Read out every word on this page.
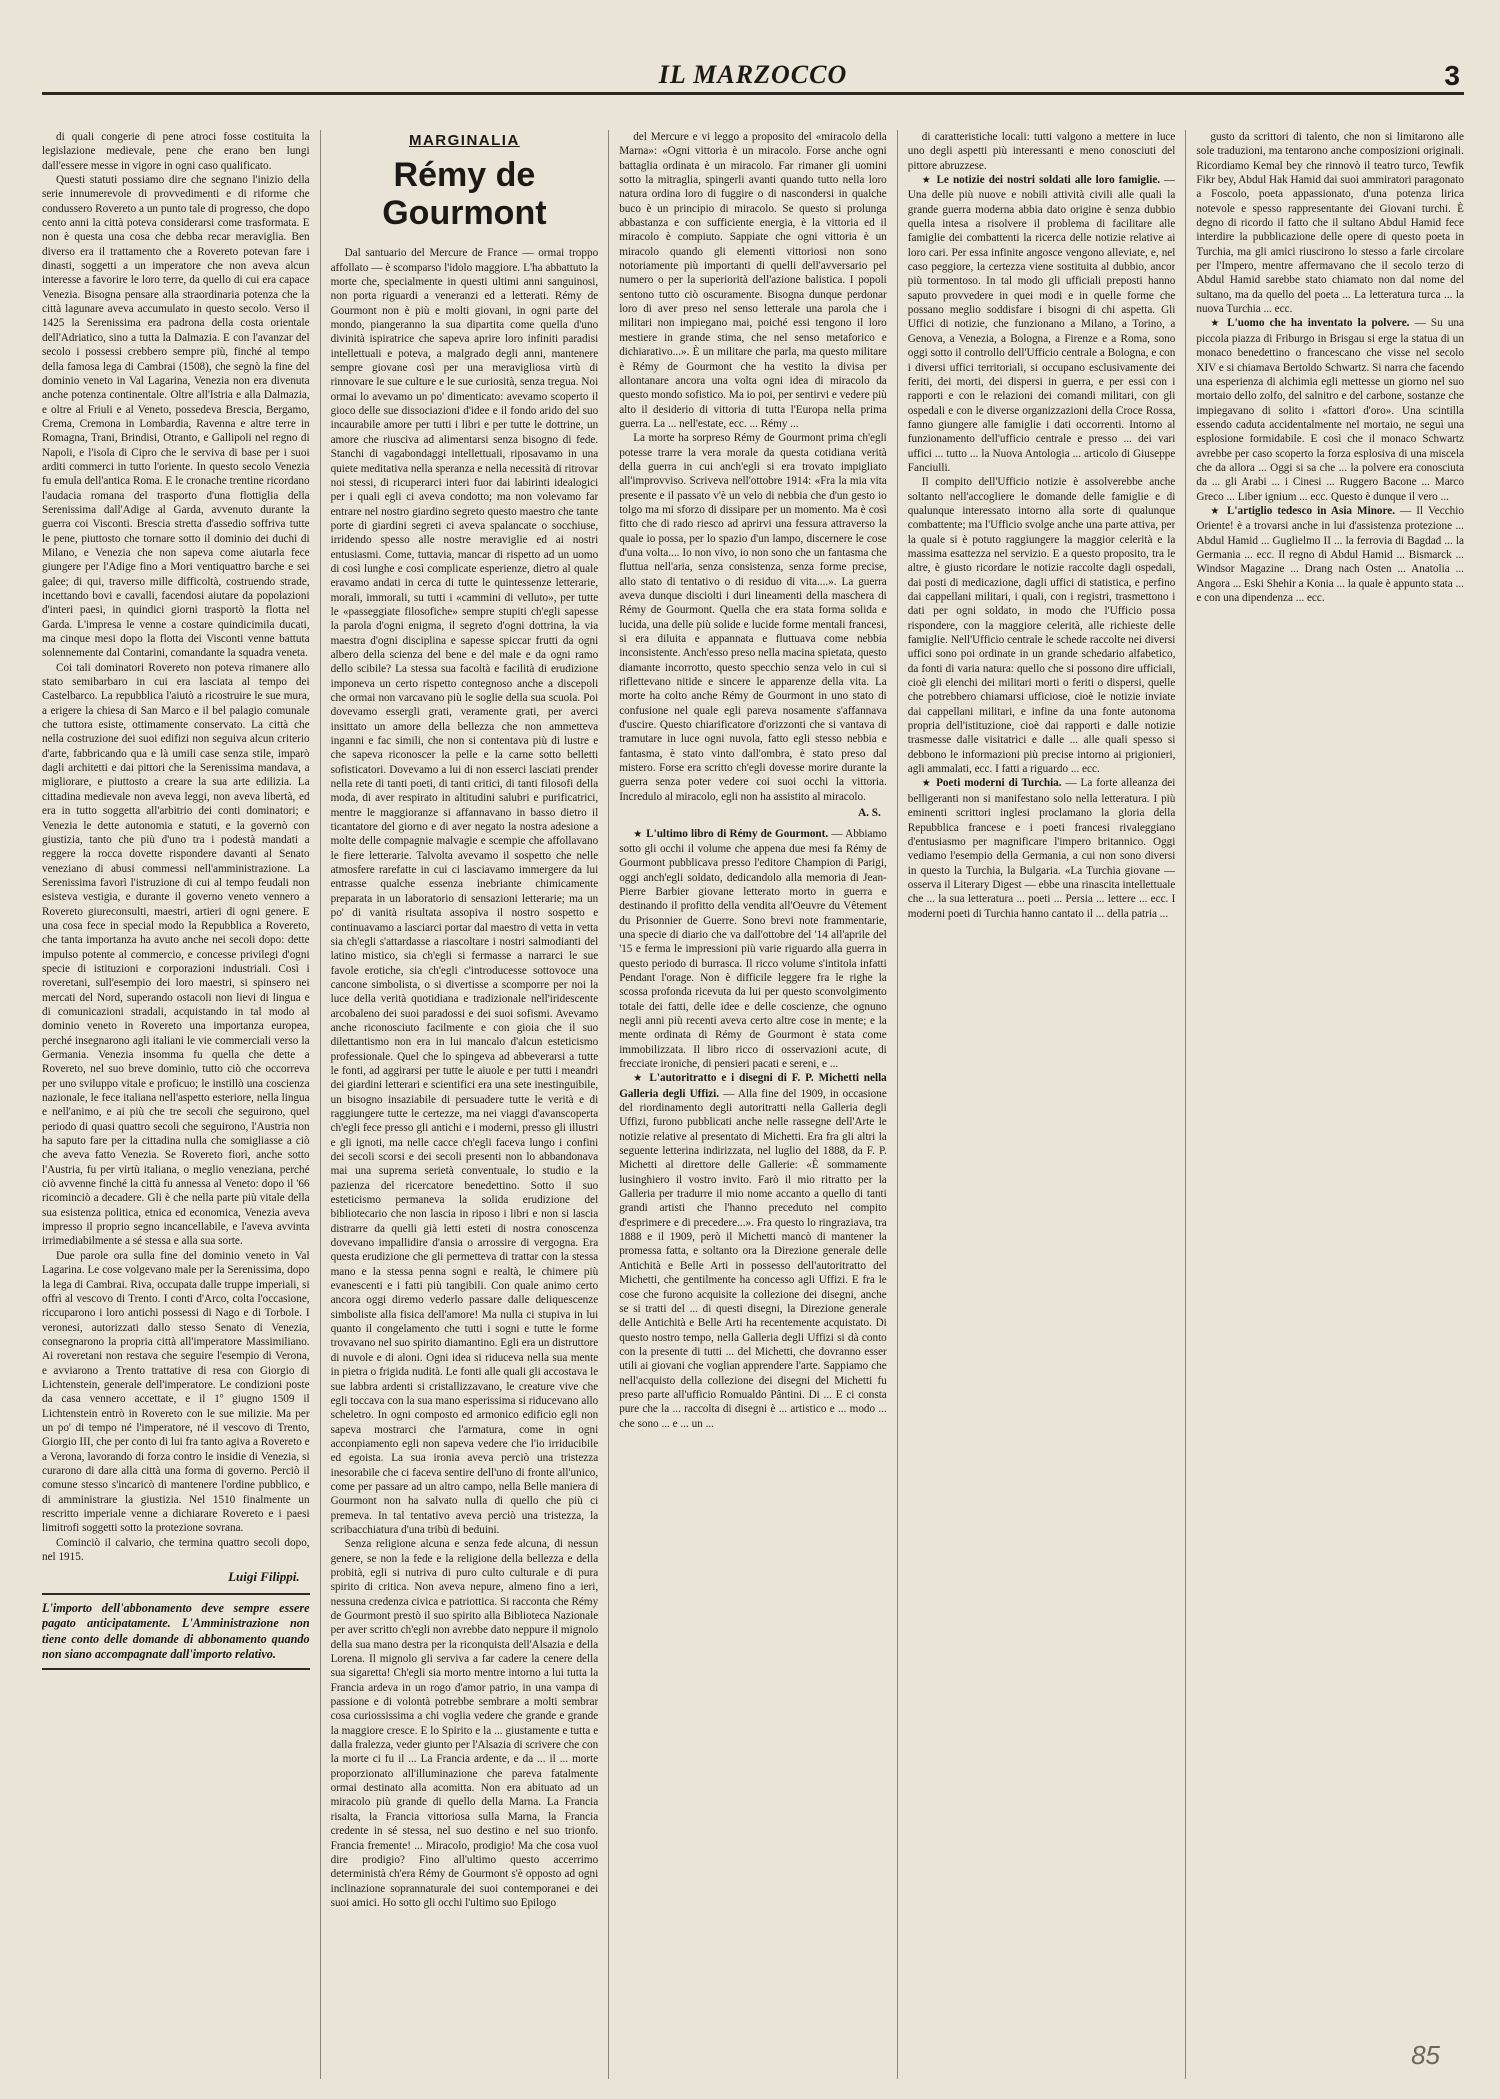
IL MARZOCCO	3

di quali congerie di pene atroci fosse costituita la legislazione medievale, pene che erano ben lungi dall'essere messe in vigore in ogni caso qualificato.

Questi statuti possiamo dire che segnano l'inizio della serie innumerevole di provvedimenti e di riforme che condussero Rovereto a un punto tale di progresso, che dopo cento anni la città poteva considerarsi come trasformata. E non è questa una cosa che debba recar meraviglia. Ben diverso era il trattamento che a Rovereto potevan fare i dinasti, soggetti a un imperatore che non aveva alcun interesse a favorire le loro terre, da quello di cui era capace Venezia. Bisogna pensare alla straordinaria potenza che la città lagunare aveva accumulato in questo secolo. Verso il 1425 la Serenissima era padrona della costa orientale dell'Adriatico, sino a tutta la Dalmazia. E con l'avanzar del secolo i possessi crebbero sempre più, finché al tempo della famosa lega di Cambrai (1508), che segnò la fine del dominio veneto in Val Lagarina, Venezia non era divenuta anche potenza continentale. Oltre all'Istria e alla Dalmazia, e oltre al Friuli e al Veneto, possedeva Brescia, Bergamo, Crema, Cremona in Lombardia, Ravenna e altre terre in Romagna, Trani, Brindisi, Otranto, e Gallipoli nel regno di Napoli, e l'isola di Cipro che le serviva di base per i suoi arditi commerci in tutto l'oriente. In questo secolo Venezia fu emula dell'antica Roma. E le cronache trentine ricordano l'audacia romana del trasporto d'una flottiglia della Serenissima dall'Adige al Garda, avvenuto durante la guerra coi Visconti. Brescia stretta d'assedio soffriva tutte le pene, piuttosto che tornare sotto il dominio dei duchi di Milano, e Venezia che non sapeva come aiutarla fece giungere per l'Adige fino a Mori ventiquattro barche e sei galee; di qui, traverso mille difficoltà, costruendo strade, incettando bovi e cavalli, facendosi aiutare da popolazioni d'interi paesi, in quindici giorni trasportò la flotta nel Garda. L'impresa le venne a costare quindicimila ducati, ma cinque mesi dopo la flotta dei Visconti venne battuta solennemente dal Contarini, comandante la squadra veneta.

Coi tali dominatori Rovereto non poteva rimanere allo stato semibarbaro in cui era lasciata al tempo dei Castelbarco. La repubblica l'aiutò a ricostruire le sue mura, a erigere la chiesa di San Marco e il bel palagio comunale che tuttora esiste, ottimamente conservato. La città che nella costruzione dei suoi edifizi non seguiva alcun criterio d'arte, fabbricando qua e là umili case senza stile, imparò dagli architetti e dai pittori che la Serenissima mandava, a migliorare, e piuttosto a creare la sua arte edilizia. La cittadina medievale non aveva leggi, non aveva libertà, ed era in tutto soggetta all'arbitrio dei conti dominatori; e Venezia le dette autonomia e statuti, e la governò con giustizia, tanto che più d'uno tra i podestà mandati a reggere la rocca dovette rispondere davanti al Senato veneziano di abusi commessi nell'amministrazione. La Serenissima favorì l'istruzione di cui al tempo feudali non esisteva vestigia, e durante il governo veneto vennero a Rovereto giureconsulti, maestri, artieri di ogni genere. E una cosa fece in special modo la Repubblica a Rovereto, che tanta importanza ha avuto anche nei secoli dopo: dette impulso potente al commercio, e concesse privilegi d'ogni specie di istituzioni e corporazioni industriali. Così i roveretani, sull'esempio dei loro maestri, si spinsero nei mercati del Nord, superando ostacoli non lievi di lingua e di comunicazioni stradali, acquistando in tal modo al dominio veneto in Rovereto una importanza europea, perché insegnarono agli italiani le vie commerciali verso la Germania. Venezia insomma fu quella che dette a Rovereto, nel suo breve dominio, tutto ciò che occorreva per uno sviluppo vitale e proficuo; le instillò una coscienza nazionale, le fece italiana nell'aspetto esteriore, nella lingua e nell'animo, e ai più che tre secoli che seguirono, quel periodo di quasi quattro secoli che seguirono, l'Austria non ha saputo fare per la cittadina nulla che somigliasse a ciò che aveva fatto Venezia. Se Rovereto fiorì, anche sotto l'Austria, fu per virtù italiana, o meglio veneziana, perché ciò avvenne finché la città fu annessa al Veneto: dopo il '66 ricominciò a decadere. Gli è che nella parte più vitale della sua esistenza politica, etnica ed economica, Venezia aveva impresso il proprio segno incancellabile, e l'aveva avvinta irrimediabilmente a sé stessa e alla sua sorte.

Due parole ora sulla fine del dominio veneto in Val Lagarina. Le cose volgevano male per la Serenissima, dopo la lega di Cambrai. Riva, occupata dalle truppe imperiali, si offrì al vescovo di Trento. I conti d'Arco, colta l'occasione, riccuparono i loro antichi possessi di Nago e di Torbole. I veronesi, autorizzati dallo stesso Senato di Venezia, consegnarono la propria città all'imperatore Massimiliano. Ai roveretani non restava che seguire l'esempio di Verona, e avviarono a Trento trattative di resa con Giorgio di Lichtenstein, generale dell'imperatore. Le condizioni poste da casa vennero accettate, e il 1º giugno 1509 il Lichtenstein entrò in Rovereto con le sue milizie. Ma per un po' di tempo né l'imperatore, né il vescovo di Trento, Giorgio III, che per conto di lui fra tanto agiva a Rovereto e a Verona, lavorando di forza contro le insidie di Venezia, si curarono di dare alla città una forma di governo. Perciò il comune stesso s'incaricò di mantenere l'ordine pubblico, e di amministrare la giustizia. Nel 1510 finalmente un rescritto imperiale venne a dichiarare Rovereto e i paesi limitrofi soggetti sotto la protezione sovrana.

Cominciò il calvario, che termina quattro secoli dopo, nel 1915.

Luigi Filippi.
L'importo dell'abbonamento deve sempre essere pagato anticipatamente. L'Amministrazione non tiene conto delle domande di abbonamento quando non siano accompagnate dall'importo relativo.
MARGINALIA
Rémy de Gourmont

Dal santuario del Mercure de France — ormai troppo affollato — è scomparso l'idolo maggiore. L'ha abbattuto la morte che, specialmente in questi ultimi anni sanguinosi, non porta riguardi a veneranzi ed a letterati. Rémy de Gourmont non è più e molti giovani, in ogni parte del mondo, piangeranno la sua dipartita come quella d'uno divinità ispiratrice che sapeva aprire loro infiniti paradisi intellettuali e poteva, a malgrado degli anni, mantenere sempre giovane così per una meravigliosa virtù di rinnovare le sue culture e le sue curiosità, senza tregua. Noi ormai lo avevamo un po' dimenticato: avevamo scoperto il gioco delle sue dissociazioni d'idee e il fondo arido del suo incaurabile amore per tutti i libri e per tutte le dottrine, un amore che riusciva ad alimentarsi senza bisogno di fede. Stanchi di vagabondaggi intellettuali, riposavamo in una quiete meditativa nella speranza e nella necessità di ritrovar noi stessi, di ricuperarci interi fuor dai labirinti idealogici per i quali egli ci aveva condotto; ma non volevamo far entrare nel nostro giardino segreto questo maestro che tante porte di giardini segreti ci aveva spalancate o socchiuse, irridendo spesso alle nostre meraviglie ed ai nostri entusiasmi. Come, tuttavia, mancar di rispetto ad un uomo di così lunghe e così complicate esperienze, dietro al quale eravamo andati in cerca di tutte le quintessenze letterarie, morali, immorali, su tutti i «cammini di velluto», per tutte le «passeggiate filosofiche» sempre stupiti ch'egli sapesse la parola d'ogni enigma, il segreto d'ogni dottrina, la via maestra d'ogni disciplina e sapesse spiccar frutti da ogni albero della scienza del bene e del male e da ogni ramo dello scibile? La stessa sua facoltà e facilità di erudizione imponeva un certo rispetto contegnoso anche a discepoli che ormai non varcavano più le soglie della sua scuola. Poi dovevamo essergli grati, veramente grati, per averci insittato un amore della bellezza che non ammetteva inganni e fac simili, che non si contentava più di lustre e che sapeva riconoscer la pelle e la carne sotto belletti sofisticatori. Dovevamo a lui di non esserci lasciati prender nella rete di tanti poeti, di tanti critici, di tanti filosofi della moda, di aver respirato in altitudini salubri e purificatrici, mentre le maggioranze si affannavano in basso dietro il ticantatore del giorno e di aver negato la nostra adesione a molte delle compagnie malvagie e scempie che affollavano le fiere letterarie. Talvolta avevamo il sospetto che nelle atmosfere rarefatte in cui ci lasciavamo immergere da lui entrasse qualche essenza inebriante chimicamente preparata in un laboratorio di sensazioni letterarie; ma un po' di vanità risultata assopiva il nostro sospetto e continuavamo a lasciarci portar dal maestro di vetta in vetta sia ch'egli s'attardasse a riascoltare i nostri salmodianti del latino mistico, sia ch'egli si fermasse a narrarci le sue favole erotiche, sia ch'egli c'introducesse sottovoce una cancone simbolista, o si divertisse a scomporre per noi la luce della verità quotidiana e tradizionale nell'iridescente arcobaleno dei suoi paradossi e dei suoi sofismi. Avevamo anche riconosciuto facilmente e con gioia che il suo dilettantismo non era in lui mancalo d'alcun esteticismo professionale. Quel che lo spingeva ad abbeverarsi a tutte le fonti, ad aggirarsi per tutte le aiuole e per tutti i meandri dei giardini letterari e scientifici era una sete inestinguibile, un bisogno insaziabile di persuadere tutte le verità e di raggiungere tutte le certezze, ma nei viaggi d'avanscoperta ch'egli fece presso gli antichi e i moderni, presso gli illustri e gli ignoti, ma nelle cacce ch'egli faceva lungo i confini dei secoli scorsi e dei secoli presenti non lo abbandonava mai una suprema serietà conventuale, lo studio e la pazienza del ricercatore benedettino. Sotto il suo esteticismo permaneva la solida erudizione del bibliotecario che non lascia in riposo i libri e non si lascia distrarre da quelli già letti esteti di nostra conoscenza dovevano impallidire d'ansia o arrossire di vergogna. Era questa erudizione che gli permetteva di trattar con la stessa mano e la stessa penna sogni e realtà, le chimere più evanescenti e i fatti più tangibili. Con quale animo certo ancora oggi diremo vederlo passare dalle deliquescenze simboliste alla fisica dell'amore! Ma nulla ci stupiva in lui quanto il congelamento che tutti i sogni e tutte le forme trovavano nel suo spirito diamantino. Egli era un distruttore di nuvole e di aloni. Ogni idea si riduceva nella sua mente in pietra o frigida nudità. Le fonti alle quali gli accostava le sue labbra ardenti si cristallizzavano, le creature vive che egli toccava con la sua mano esperissima si riducevano allo scheletro. In ogni composto ed armonico edificio egli non sapeva mostrarci che l'armatura, come in ogni acconpiamento egli non sapeva vedere che l'io irriducibile ed egoista. La sua ironia aveva perciò una tristezza inesorabile che ci faceva sentire dell'uno di fronte all'unico, come per passare ad un altro campo, nella Belle maniera di Gourmont non ha salvato nulla di quello che più ci premeva. In tal tentativo aveva perciò una tristezza, la scribacchiatura d'una tribù di beduini.

Senza religione alcuna e senza fede alcuna, di nessun genere, se non la fede e la religione della bellezza e della probità, egli si nutriva di puro culto culturale e di pura spirito di critica. Non aveva nepure, almeno fino a ieri, nessuna credenza civica e patriottica. Si racconta che Rémy de Gourmont prestò il suo spirito alla Biblioteca Nazionale per aver scritto ch'egli non avrebbe dato neppure il mignolo della sua mano destra per la riconquista dell'Alsazia e della Lorena. Il mignolo gli serviva a far cadere la cenere della sua sigaretta! Ch'egli sia morto mentre intorno a lui tutta la Francia ardeva in un rogo d'amor patrio, in una vampa di passione e di volontà potrebbe sembrare a molti sembrar cosa curiossissima a chi voglia vedere che grande e grande la maggiore cresce. E lo Spirito e la ... giustamente e tutta e dalla fralezza, veder giunto per l'Alsazia di scrivere che con la morte ci fu il ... La Francia ardente, e da ... il ... morte proporzionato all'illuminazione che pareva fatalmente ormai destinato alla acomitta. Non era abituato ad un miracolo più grande di quello della Marna. La Francia risalta, la Francia vittoriosa sulla Marna, la Francia credente in sé stessa, nel suo destino e nel suo trionfo. Francia fremente! ... Miracolo, prodigio! Ma che cosa vuol dire prodigio? Fino all'ultimo questo accerrimo deterministà ch'era Rémy de Gourmont s'è opposto ad ogni inclinazione soprannaturale dei suoi contemporanei e dei suoi amici. Ho sotto gli occhi l'ultimo suo Epilogo

del Mercure e vi leggo a proposito del «miracolo della Marna»: «Ogni vittoria è un miracolo. Forse anche ogni battaglia ordinata è un miracolo. Far rimaner gli uomini sotto la mitraglia, spingerli avanti quando tutto nella loro natura ordina loro di fuggire o di nascondersi in qualche buco è un principio di miracolo. Se questo si prolunga abbastanza e con sufficiente energia, è la vittoria ed il miracolo è compiuto. Sappiate che ogni vittoria è un miracolo quando gli elementi vittoriosi non sono notoriamente più importanti di quelli dell'avversario pel numero o per la superiorità dell'azione balistica. I popoli sentono tutto ciò oscuramente. Bisogna dunque perdonar loro di aver preso nel senso letterale una parola che i militari non impiegano mai, poiché essi tengono il loro mestiere in grande stima, che nel senso metaforico e dichiarativo...». È un militare che parla, ma questo militare è Rémy de Gourmont che ha vestito la divisa per allontanare ancora una volta ogni idea di miracolo da questo mondo sofistico. Ma io poi, per sentirvi e vedere più alto il desiderio di vittoria di tutta l'Europa nella prima guerra. La ... nell'estate, ecc. ... Rémy ...

La morte ha sorpreso Rémy de Gourmont prima ch'egli potesse trarre la vera morale da questa cotidiana verità della guerra in cui anch'egli si era trovato impigliato all'improvviso. Scriveva nell'ottobre 1914: «Fra la mia vita presente e il passato v'è un velo di nebbia che d'un gesto io tolgo ma mi sforzo di dissipare per un momento. Ma è così fitto che di rado riesco ad aprirvi una fessura attraverso la quale io possa, per lo spazio d'un lampo, discernere le cose d'una volta.... Io non vivo, io non sono che un fantasma che fluttua nell'aria, senza consistenza, senza forme precise, allo stato di tentativo o di residuo di vita....». La guerra aveva dunque disciolti i duri lineamenti della maschera di Rémy de Gourmont. Quella che era stata forma solida e lucida, una delle più solide e lucide forme mentali francesi, si era diluita e appannata e fluttuava come nebbia inconsistente. Anch'esso preso nella macina spietata, questo diamante incorrotto, questo specchio senza velo in cui si riflettevano nitide e sincere le apparenze della vita. La morte ha colto anche Rémy de Gourmont in uno stato di confusione nel quale egli pareva nosamente s'affannava d'uscire. Questo chiarificatore d'orizzonti che si vantava di tramutare in luce ogni nuvola, fatto egli stesso nebbia e fantasma, è stato vinto dall'ombra, è stato preso dal mistero. Forse era scritto ch'egli dovesse morire durante la guerra senza poter vedere coi suoi occhi la vittoria. Incredulo al miracolo, egli non ha assistito al miracolo.

A. S.

★ L'ultimo libro di Rémy de Gourmont. — Abbiamo sotto gli occhi il volume che appena due mesi fa Rémy de Gourmont pubblicava presso l'editore Champion di Parigi, oggi anch'egli soldato, dedicandolo alla memoria di Jean-Pierre Barbier giovane letterato morto in guerra e destinando il profitto della vendita all'Oeuvre du Vêtement du Prisonnier de Guerre. Sono brevi note frammentarie, una specie di diario che va dall'ottobre del '14 all'aprile del '15 e ferma le impressioni più varie riguardo alla guerra in questo periodo di burrasca. Il ricco volume s'intitola infatti Pendant l'orage. Non è difficile leggere fra le righe la scossa profonda ricevuta da lui per questo sconvolgimento totale dei fatti, delle idee e delle coscienze, che ognuno negli anni più recenti aveva certo altre cose in mente; e la mente ordinata di Rémy de Gourmont è stata come immobilizzata. Il libro ricco di osservazioni acute, di frecciate ironiche, di pensieri pacati e sereni, e ...

★ L'autoritratto e i disegni di F. P. Michetti nella Galleria degli Uffizi. — Alla fine del 1909, in occasione del riordinamento degli autoritratti nella Galleria degli Uffizi, furono pubblicati anche nelle rassegne dell'Arte le notizie relative al presentato di Michetti. Era fra gli altri la seguente letterina indirizzata, nel luglio del 1888, da F. P. Michetti al direttore delle Gallerie: «È sommamente lusinghiero il vostro invito. Farò il mio ritratto per la Galleria per tradurre il mio nome accanto a quello di tanti grandi artisti che l'hanno preceduto nel compito d'esprimere e di precedere...». Fra questo lo ringraziava, tra 1888 e il 1909, però il Michetti mancò di mantener la promessa fatta, e soltanto ora la Direzione generale delle Antichità e Belle Arti in possesso dell'autoritratto del Michetti, che gentilmente ha concesso agli Uffizi. E fra le cose che furono acquisite la collezione dei disegni, anche se si tratti del ... di questi disegni, la Direzione generale delle Antichità e Belle Arti ha recentemente acquistato. Di questo nostro tempo, nella Galleria degli Uffizi si dà conto con la presente di tutti ... del Michetti, che dovranno esser utili ai giovani che voglian apprendere l'arte. Sappiamo che nell'acquisto della collezione dei disegni del Michetti fu preso parte all'ufficio Romualdo Pântini. Di ... E ci consta pure che la ... raccolta di disegni è ... artistico e ... modo ... che sono ... e ... un ...

di caratteristiche locali: tutti valgono a mettere in luce uno degli aspetti più interessanti e meno conosciuti del pittore abruzzese.

★ Le notizie dei nostri soldati alle loro famiglie. — Una delle più nuove e nobili attività civili alle quali la grande guerra moderna abbia dato origine è senza dubbio quella intesa a risolvere il problema di facilitare alle famiglie dei combattenti la ricerca delle notizie relative ai loro cari. Per essa infinite angosce vengono alleviate, e, nel caso peggiore, la certezza viene sostituita al dubbio, ancor più tormentoso. In tal modo gli ufficiali preposti hanno saputo provvedere in quei modi e in quelle forme che possano meglio soddisfare i bisogni di chi aspetta. Gli Uffici di notizie, che funzionano a Milano, a Torino, a Genova, a Venezia, a Bologna, a Firenze e a Roma, sono oggi sotto il controllo dell'Ufficio centrale a Bologna, e con i diversi uffici territoriali, si occupano esclusivamente dei feriti, dei morti, dei dispersi in guerra, e per essi con i rapporti e con le relazioni dei comandi militari, con gli ospedali e con le diverse organizzazioni della Croce Rossa, fanno giungere alle famiglie i dati occorrenti. Intorno al funzionamento dell'ufficio centrale e presso ... dei vari uffici ... tutto ... la Nuova Antologia ... articolo di Giuseppe Fanciulli.

Il compito dell'Ufficio notizie è assolverebbe anche soltanto nell'accogliere le domande delle famiglie e di qualunque interessato intorno alla sorte di qualunque combattente; ma l'Ufficio svolge anche una parte attiva, per la quale si è potuto raggiungere la maggior celerità e la massima esattezza nel servizio. E a questo proposito, tra le altre, è giusto ricordare le notizie raccolte dagli ospedali, dai posti di medicazione, dagli uffici di statistica, e perfino dai cappellani militari, i quali, con i registri, trasmettono i dati per ogni soldato, in modo che l'Ufficio possa rispondere, con la maggiore celerità, alle richieste delle famiglie. Nell'Ufficio centrale le schede raccolte nei diversi uffici sono poi ordinate in un grande schedario alfabetico, da fonti di varia natura: quello che si possono dire ufficiali, cioè gli elenchi dei militari morti o feriti o dispersi, quelle che potrebbero chiamarsi ufficiose, cioè le notizie inviate dai cappellani militari, e infine da una fonte autonoma propria dell'istituzione, cioè dai rapporti e dalle notizie trasmesse dalle visitatrici e dalle ... alle quali spesso si debbono le informazioni più precise intorno ai prigionieri, agli ammalati, ecc. I fatti a riguardo ... ecc.

★ Poeti moderni di Turchia. — La forte alleanza dei belligeranti non si manifestano solo nella letteratura. I più eminenti scrittori inglesi proclamano la gloria della Repubblica francese e i poeti francesi rivaleggiano d'entusiasmo per magnificare l'impero britannico. Oggi vediamo l'esempio della Germania, a cui non sono diversi in questo la Turchia, la Bulgaria. «La Turchia giovane — osserva il Literary Digest — ebbe una rinascita intellettuale che ... la sua letteratura ... poeti ... Persia ... lettere ... ecc. I moderni poeti di Turchia hanno cantato il ... della patria ...

gusto da scrittori di talento, che non si limitarono alle sole traduzioni, ma tentarono anche composizioni originali. Ricordiamo Kemal bey che rinnovò il teatro turco, Tewfik Fikr bey, Abdul Hak Hamid dai suoi ammiratori paragonato a Foscolo, poeta appassionato, d'una potenza lirica notevole e spesso rappresentante dei Giovani turchi. È degno di ricordo il fatto che il sultano Abdul Hamid fece interdire la pubblicazione delle opere di questo poeta in Turchia, ma gli amici riuscirono lo stesso a farle circolare per l'Impero, mentre affermavano che il secolo terzo di Abdul Hamid sarebbe stato chiamato non dal nome del sultano, ma da quello del poeta ... La letteratura turca ... la nuova Turchia ... ecc.

★ L'uomo che ha inventato la polvere. — Su una piccola piazza di Friburgo in Brisgau si erge la statua di un monaco benedettino o francescano che visse nel secolo XIV e si chiamava Bertoldo Schwartz. Si narra che facendo una esperienza di alchimia egli mettesse un giorno nel suo mortaio dello zolfo, del salnitro e del carbone, sostanze che impiegavano di solito i «fattori d'oro». Una scintilla essendo caduta accidentalmente nel mortaio, ne seguì una esplosione formidabile. E così che il monaco Schwartz avrebbe per caso scoperto la forza esplosiva di una miscela che da allora ... Oggi si sa che ... la polvere era conosciuta da ... gli Arabi ... i Cinesi ... Ruggero Bacone ... Marco Greco ... Liber ignium ... ecc. Questo è dunque il vero ...

★ L'artiglio tedesco in Asia Minore. — Il Vecchio Oriente! è a trovarsi anche in lui d'assistenza protezione ... Abdul Hamid ... Guglielmo II ... la ferrovia di Bagdad ... la Germania ... ecc. Il regno di Abdul Hamid ... Bismarck ... Windsor Magazine ... Drang nach Osten ... Anatolia ... Angora ... Eski Shehir a Konia ... la quale è appunto stata ... e con una dipendenza ... ecc.

85
